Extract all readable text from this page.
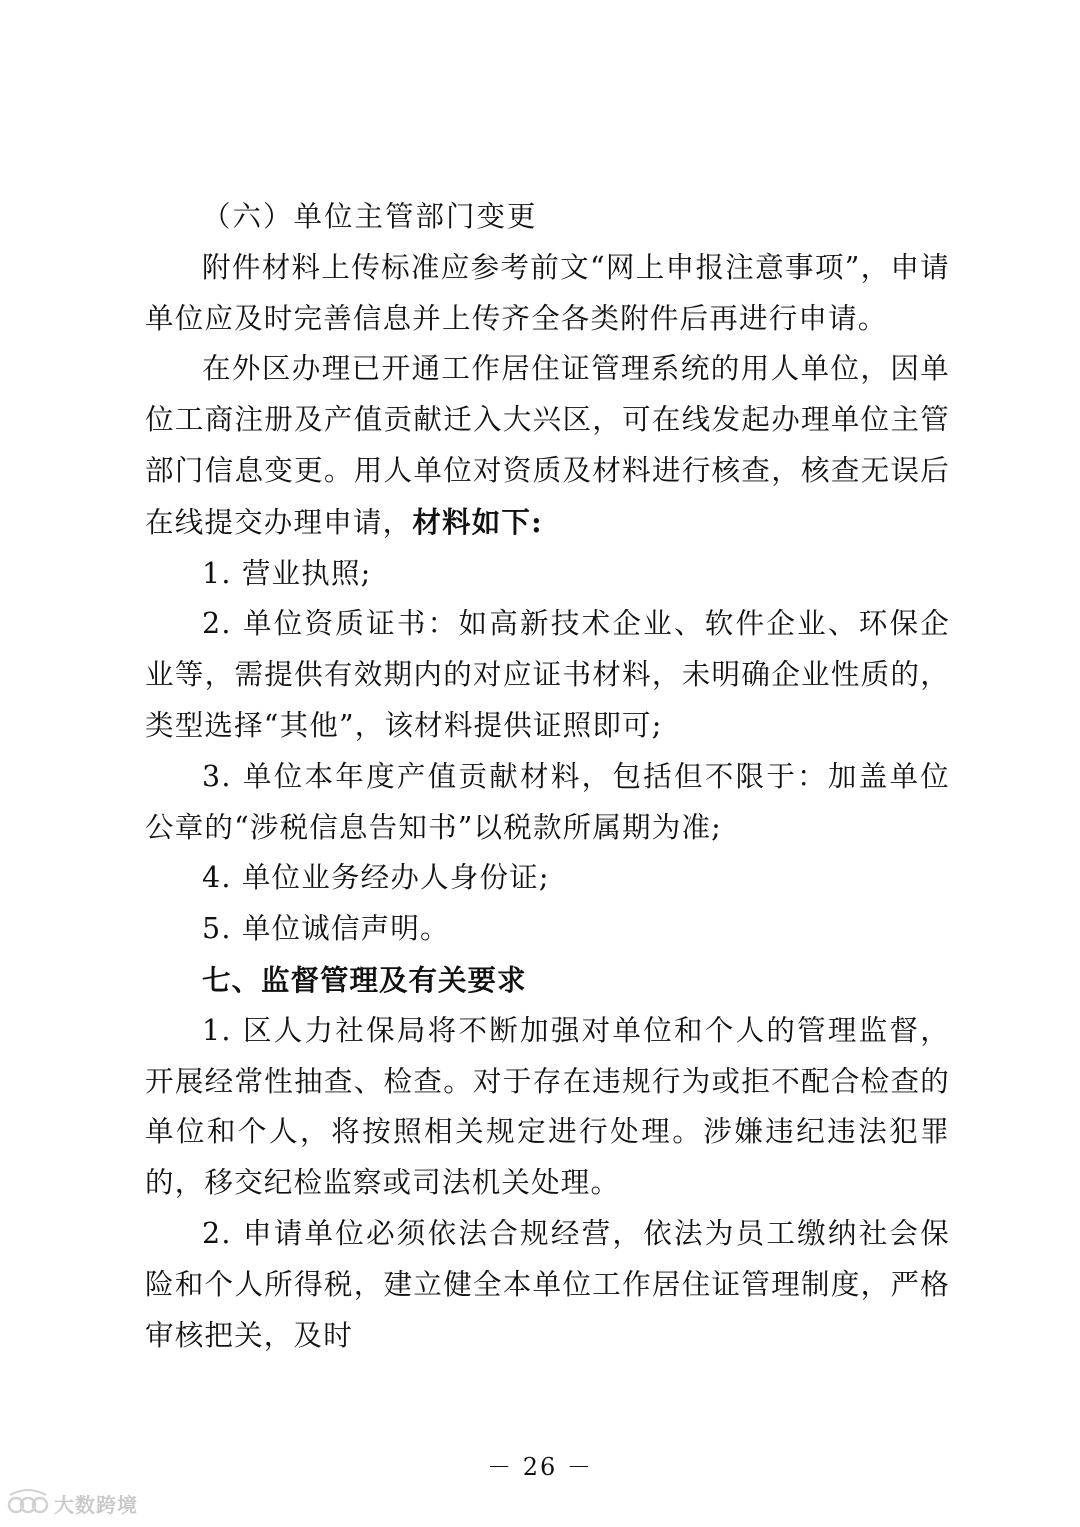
（六）单位主管部门变更

附件材料上传标准应参考前文“网上申报注意事项”，申请单位应及时完善信息并上传齐全各类附件后再进行申请。

在外区办理已开通工作居住证管理系统的用人单位，因单位工商注册及产值贡献迁入大兴区，可在线发起办理单位主管部门信息变更。用人单位对资质及材料进行核查，核查无误后在线提交办理申请，材料如下:

1. 营业执照;

2. 单位资质证书：如高新技术企业、软件企业、环保企业等，需提供有效期内的对应证书材料，未明确企业性质的，类型选择“其他”，该材料提供证照即可;

3. 单位本年度产值贡献材料，包括但不限于：加盖单位公章的“涉税信息告知书”以税款所属期为准;

4. 单位业务经办人身份证;

5. 单位诚信声明。

七、监督管理及有关要求

1. 区人力社保局将不断加强对单位和个人的管理监督，开展经常性抽查、检查。对于存在违规行为或拒不配合检查的单位和个人，将按照相关规定进行处理。涉嫌违纪违法犯罪的，移交纪检监察或司法机关处理。

2. 申请单位必须依法合规经营，依法为员工缴纳社会保险和个人所得税，建立健全本单位工作居住证管理制度，严格审核把关，及时

－ 26 －
大数跨境
